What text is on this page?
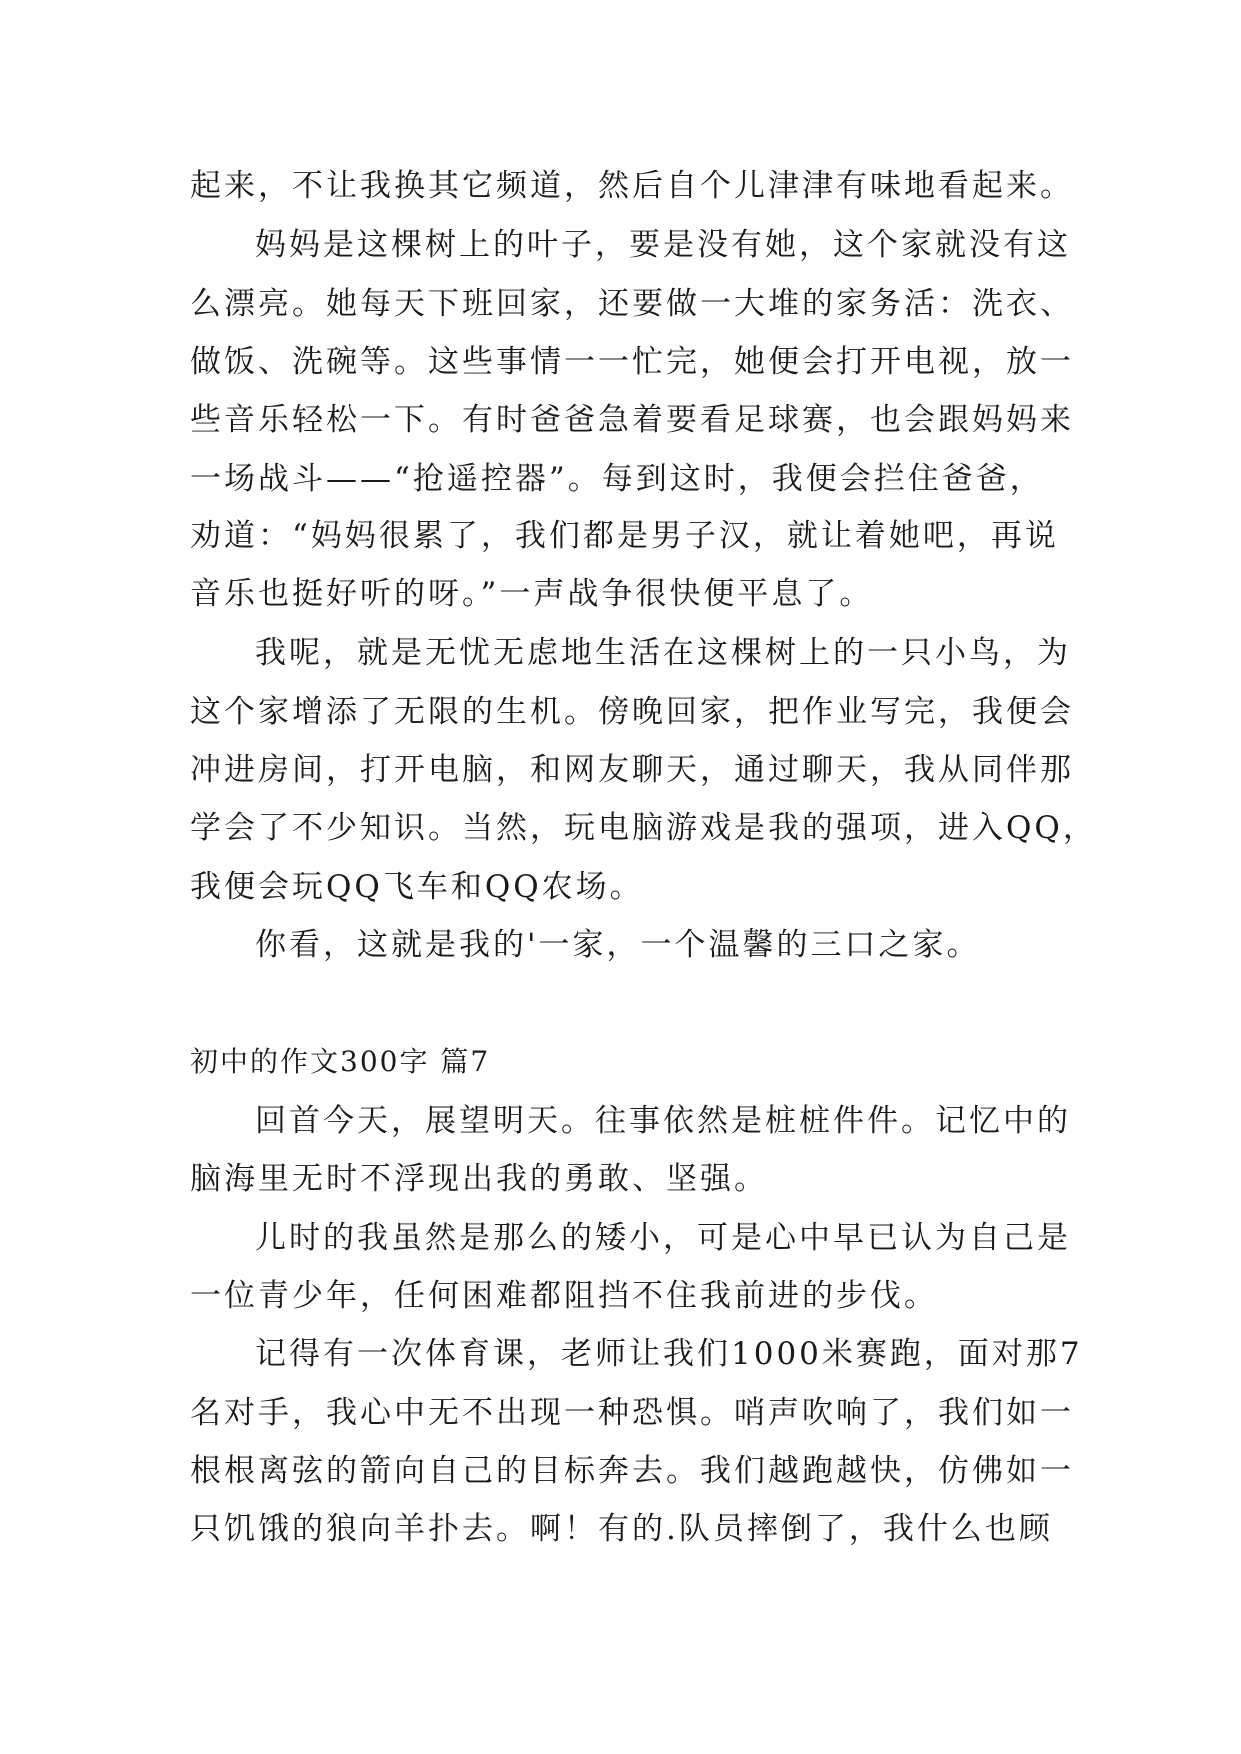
起来，不让我换其它频道，然后自个儿津津有味地看起来。
妈妈是这棵树上的叶子，要是没有她，这个家就没有这
么漂亮。她每天下班回家，还要做一大堆的家务活：洗衣、
做饭、洗碗等。这些事情一一忙完，她便会打开电视，放一
些音乐轻松一下。有时爸爸急着要看足球赛，也会跟妈妈来
一场战斗——“抢遥控器”。每到这时，我便会拦住爸爸，
劝道：“妈妈很累了，我们都是男子汉，就让着她吧，再说
音乐也挺好听的呀。”一声战争很快便平息了。
我呢，就是无忧无虑地生活在这棵树上的一只小鸟，为
这个家增添了无限的生机。傍晚回家，把作业写完，我便会
冲进房间，打开电脑，和网友聊天，通过聊天，我从同伴那
学会了不少知识。当然，玩电脑游戏是我的强项，进入QQ，
我便会玩QQ飞车和QQ农场。
你看，这就是我的'一家，一个温馨的三口之家。
初中的作文300字 篇7
回首今天，展望明天。往事依然是桩桩件件。记忆中的
脑海里无时不浮现出我的勇敢、坚强。
儿时的我虽然是那么的矮小，可是心中早已认为自己是
一位青少年，任何困难都阻挡不住我前进的步伐。
记得有一次体育课，老师让我们1000米赛跑，面对那7
名对手，我心中无不出现一种恐惧。哨声吹响了，我们如一
根根离弦的箭向自己的目标奔去。我们越跑越快，仿佛如一
只饥饿的狼向羊扑去。啊！有的.队员摔倒了，我什么也顾
